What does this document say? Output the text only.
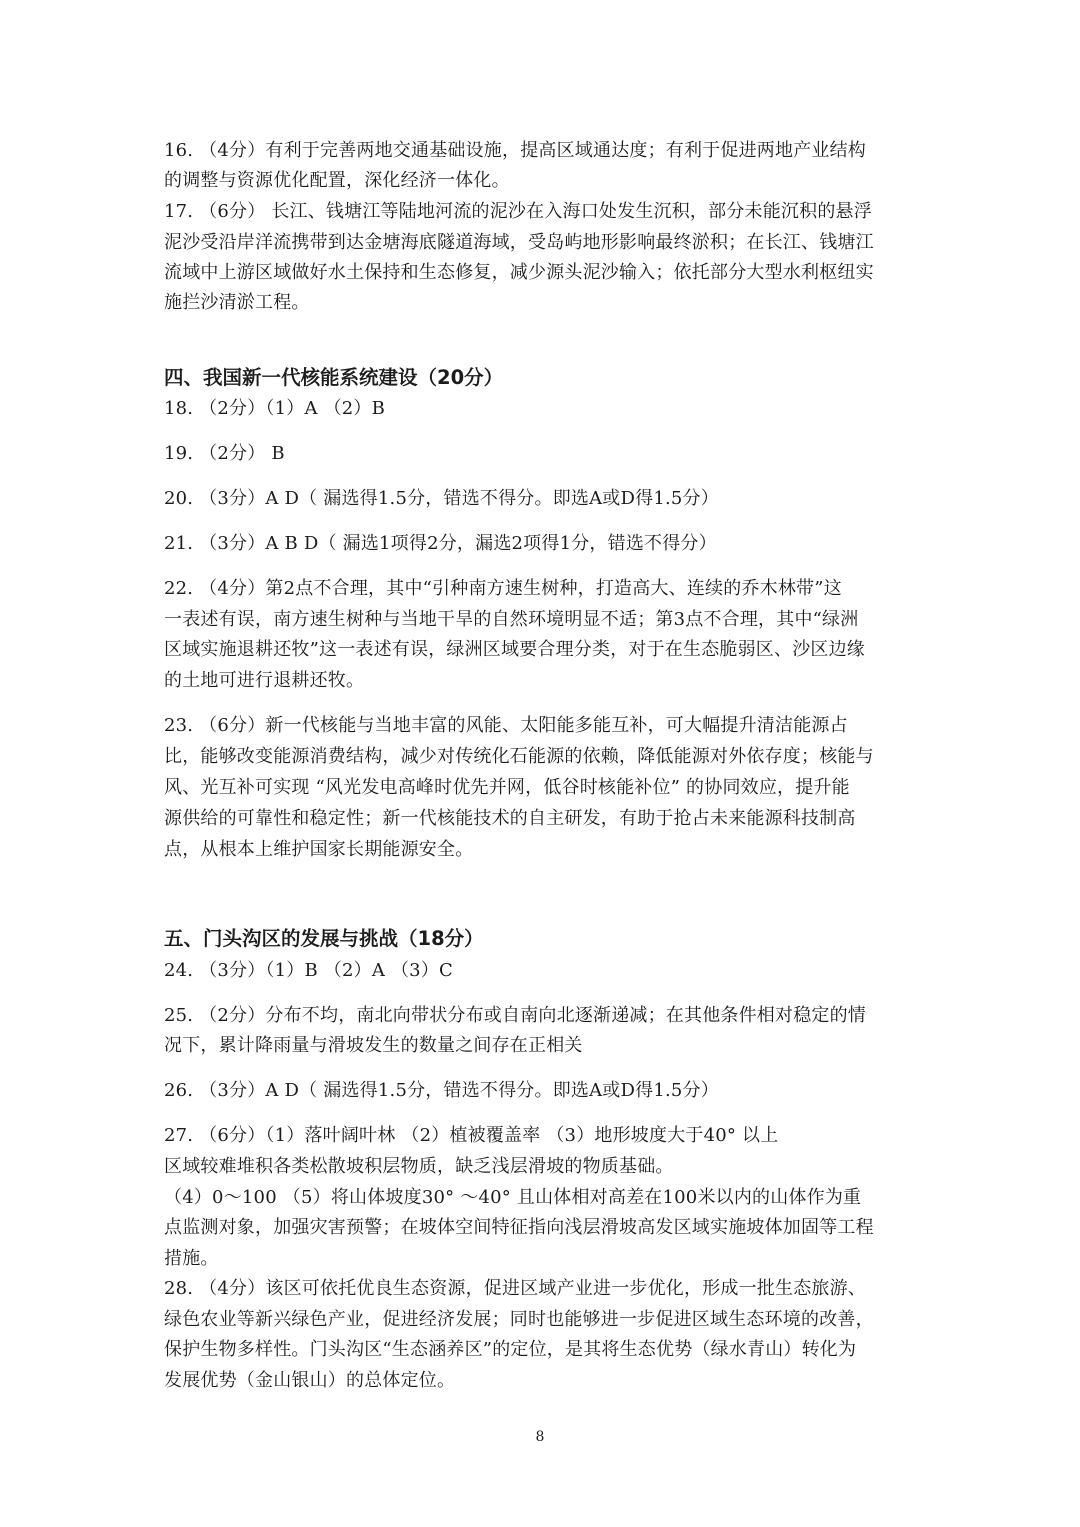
16. （4分）有利于完善两地交通基础设施，提高区域通达度；有利于促进两地产业结构
的调整与资源优化配置，深化经济一体化。
17. （6分） 长江、钱塘江等陆地河流的泥沙在入海口处发生沉积，部分未能沉积的悬浮
泥沙受沿岸洋流携带到达金塘海底隧道海域，受岛屿地形影响最终淤积；在长江、钱塘江
流域中上游区域做好水土保持和生态修复，减少源头泥沙输入；依托部分大型水利枢纽实
施拦沙清淤工程。
四、我国新一代核能系统建设（20分）
18. （2分）（1）A （2）B
19. （2分） B
20. （3分）A D（ 漏选得1.5分，错选不得分。即选A或D得1.5分）
21. （3分）A B D（ 漏选1项得2分，漏选2项得1分，错选不得分）
22. （4分）第2点不合理，其中“引种南方速生树种，打造高大、连续的乔木林带”这
一表述有误，南方速生树种与当地干旱的自然环境明显不适；第3点不合理，其中“绿洲
区域实施退耕还牧”这一表述有误，绿洲区域要合理分类，对于在生态脆弱区、沙区边缘
的土地可进行退耕还牧。
23. （6分）新一代核能与当地丰富的风能、太阳能多能互补，可大幅提升清洁能源占
比，能够改变能源消费结构，减少对传统化石能源的依赖，降低能源对外依存度；核能与
风、光互补可实现 “风光发电高峰时优先并网，低谷时核能补位” 的协同效应，提升能
源供给的可靠性和稳定性；新一代核能技术的自主研发，有助于抢占未来能源科技制高
点，从根本上维护国家长期能源安全。
五、门头沟区的发展与挑战（18分）
24. （3分）（1）B （2）A （3）C
25. （2分）分布不均，南北向带状分布或自南向北逐渐递减；在其他条件相对稳定的情
况下，累计降雨量与滑坡发生的数量之间存在正相关
26. （3分）A D（ 漏选得1.5分，错选不得分。即选A或D得1.5分）
27. （6分）（1）落叶阔叶林 （2）植被覆盖率 （3）地形坡度大于40° 以上
区域较难堆积各类松散坡积层物质，缺乏浅层滑坡的物质基础。
（4）0～100 （5）将山体坡度30° ～40° 且山体相对高差在100米以内的山体作为重
点监测对象，加强灾害预警；在坡体空间特征指向浅层滑坡高发区域实施坡体加固等工程
措施。
28. （4分）该区可依托优良生态资源，促进区域产业进一步优化，形成一批生态旅游、
绿色农业等新兴绿色产业，促进经济发展；同时也能够进一步促进区域生态环境的改善，
保护生物多样性。门头沟区“生态涵养区”的定位，是其将生态优势（绿水青山）转化为
发展优势（金山银山）的总体定位。
8
